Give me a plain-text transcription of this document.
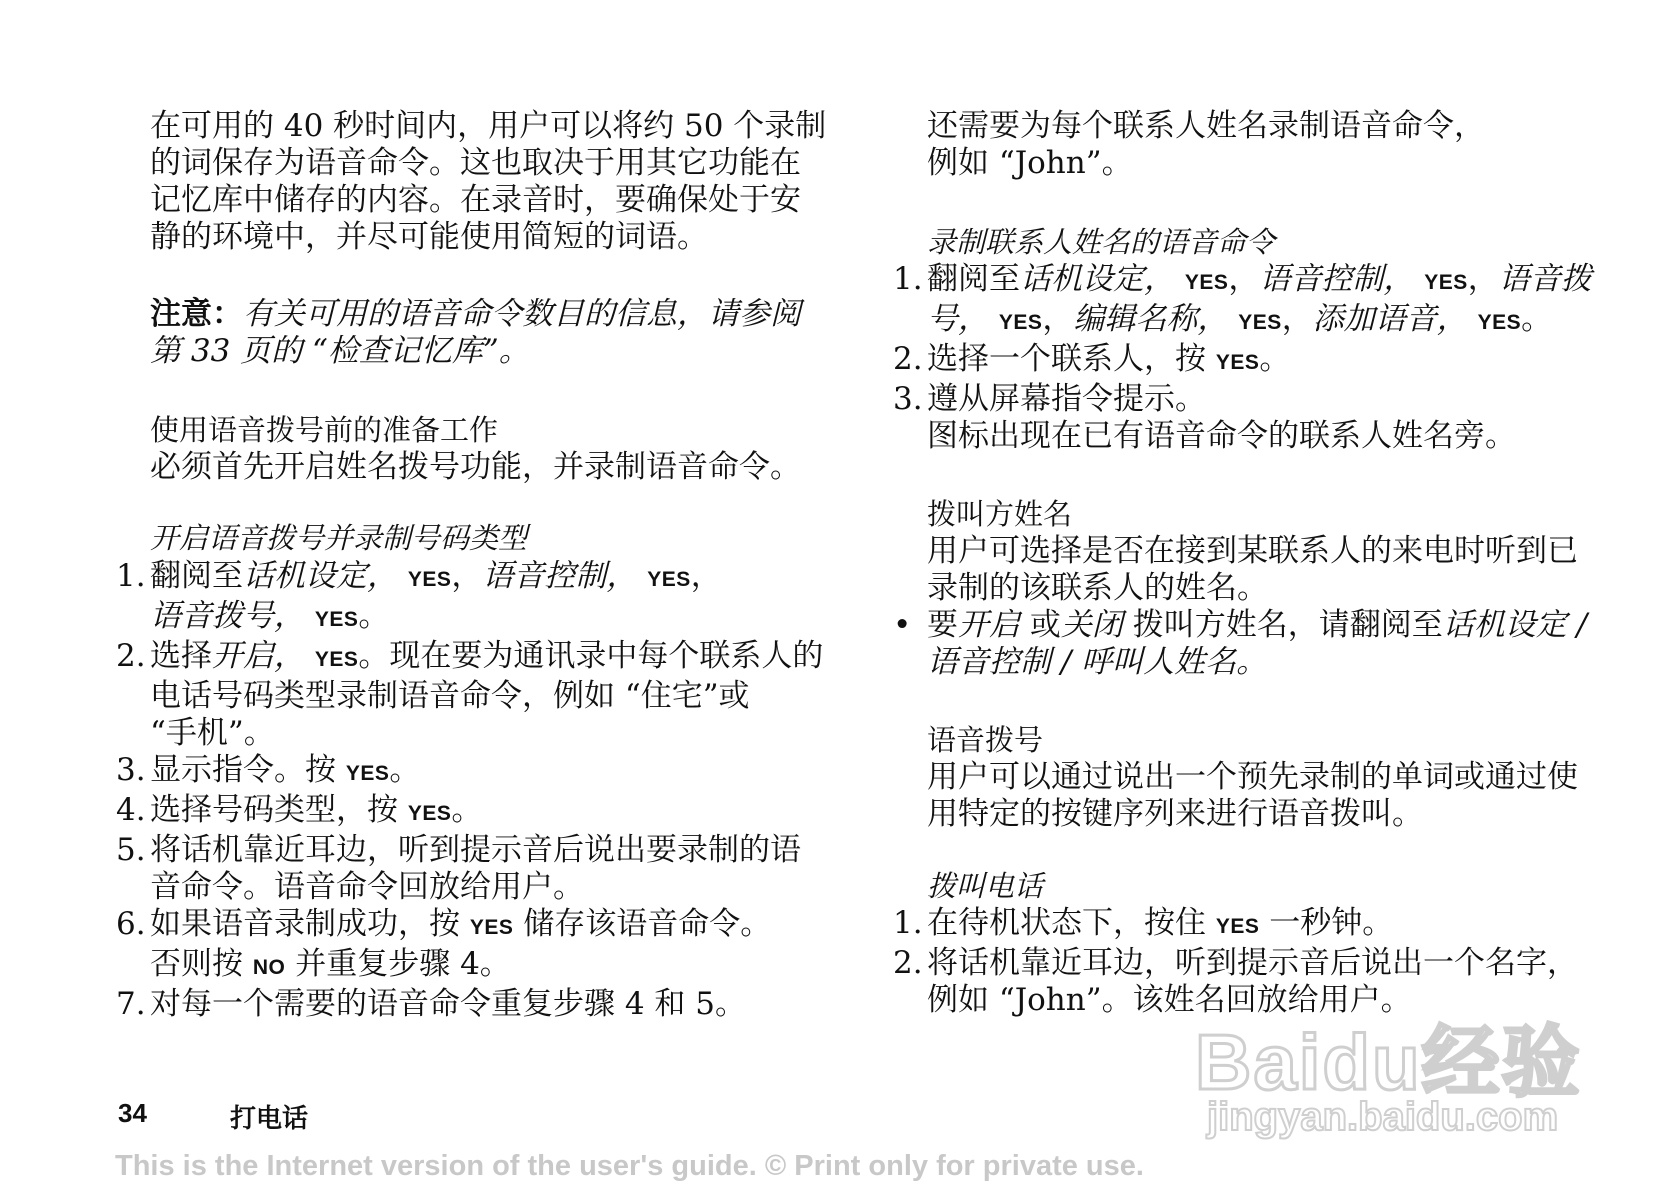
在可用的 40 秒时间内，用户可以将约 50 个录制
的词保存为语音命令。这也取决于用其它功能在
记忆库中储存的内容。在录音时，要确保处于安
静的环境中，并尽可能使用简短的词语。
注意：有关可用的语音命令数目的信息，请参阅
第 33 页的 “检查记忆库”。
使用语音拨号前的准备工作
必须首先开启姓名拨号功能，并录制语音命令。
开启语音拨号并录制号码类型
1. 翻阅至话机设定， YES，语音控制， YES，
语音拨号， YES。
2. 选择开启， YES。现在要为通讯录中每个联系人的
电话号码类型录制语音命令，例如 “住宅”或
“手机”。
3. 显示指令。按 YES。
4. 选择号码类型，按 YES。
5. 将话机靠近耳边，听到提示音后说出要录制的语
音命令。语音命令回放给用户。
6. 如果语音录制成功，按 YES 储存该语音命令。
否则按 NO 并重复步骤 4。
7. 对每一个需要的语音命令重复步骤 4 和 5。
还需要为每个联系人姓名录制语音命令，
例如 “John”。
录制联系人姓名的语音命令
1. 翻阅至话机设定， YES，语音控制， YES，语音拨
号， YES，编辑名称， YES，添加语音， YES。
2. 选择一个联系人，按 YES。
3. 遵从屏幕指令提示。
图标出现在已有语音命令的联系人姓名旁。
拨叫方姓名
用户可选择是否在接到某联系人的来电时听到已
录制的该联系人的姓名。
• 要开启 或关闭 拨叫方姓名，请翻阅至话机设定 /
语音控制 / 呼叫人姓名。
语音拨号
用户可以通过说出一个预先录制的单词或通过使
用特定的按键序列来进行语音拨叫。
拨叫电话
1. 在待机状态下，按住 YES 一秒钟。
2. 将话机靠近耳边，听到提示音后说出一个名字，
例如 “John”。该姓名回放给用户。
Baidu经验
jingyan.baidu.com
34	打电话
This is the Internet version of the user's guide. © Print only for private use.
